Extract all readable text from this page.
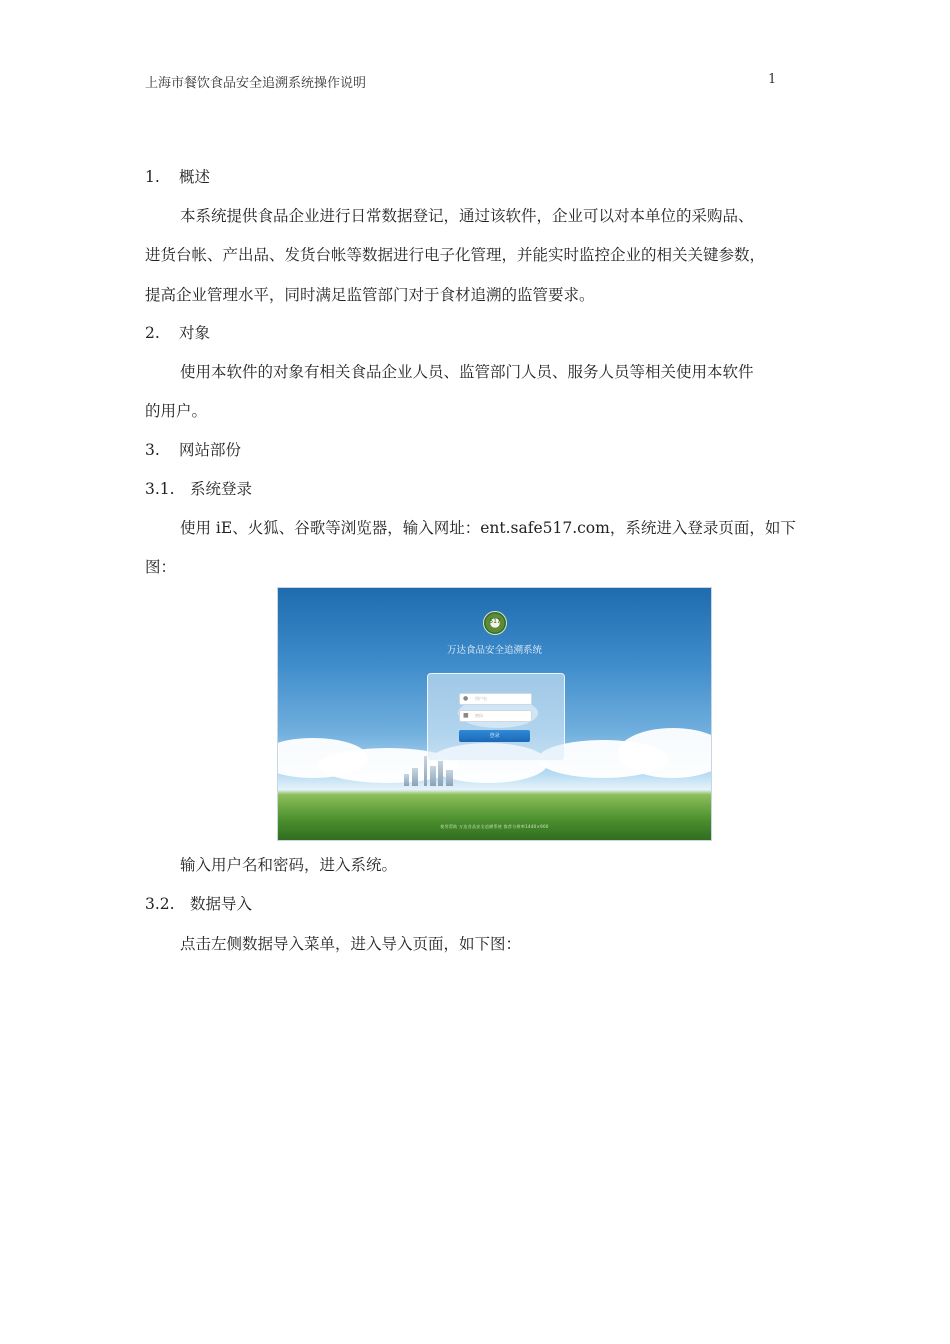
上海市餐饮食品安全追溯系统操作说明	1
1. 概述
本系统提供食品企业进行日常数据登记，通过该软件，企业可以对本单位的采购品、
进货台帐、产出品、发货台帐等数据进行电子化管理，并能实时监控企业的相关关键参数，
提高企业管理水平，同时满足监管部门对于食材追溯的监管要求。
2. 对象
使用本软件的对象有相关食品企业人员、监管部门人员、服务人员等相关使用本软件
的用户。
3. 网站部份
3.1. 系统登录
使用 iE、火狐、谷歌等浏览器，输入网址：ent.safe517.com，系统进入登录页面，如下
图：
517
万达食品安全追溯系统
● 用户名
■ 密码
登录
使用帮助 万达食品安全追溯系统 推荐分辨率1440×900
输入用户名和密码，进入系统。
3.2. 数据导入
点击左侧数据导入菜单，进入导入页面，如下图：
